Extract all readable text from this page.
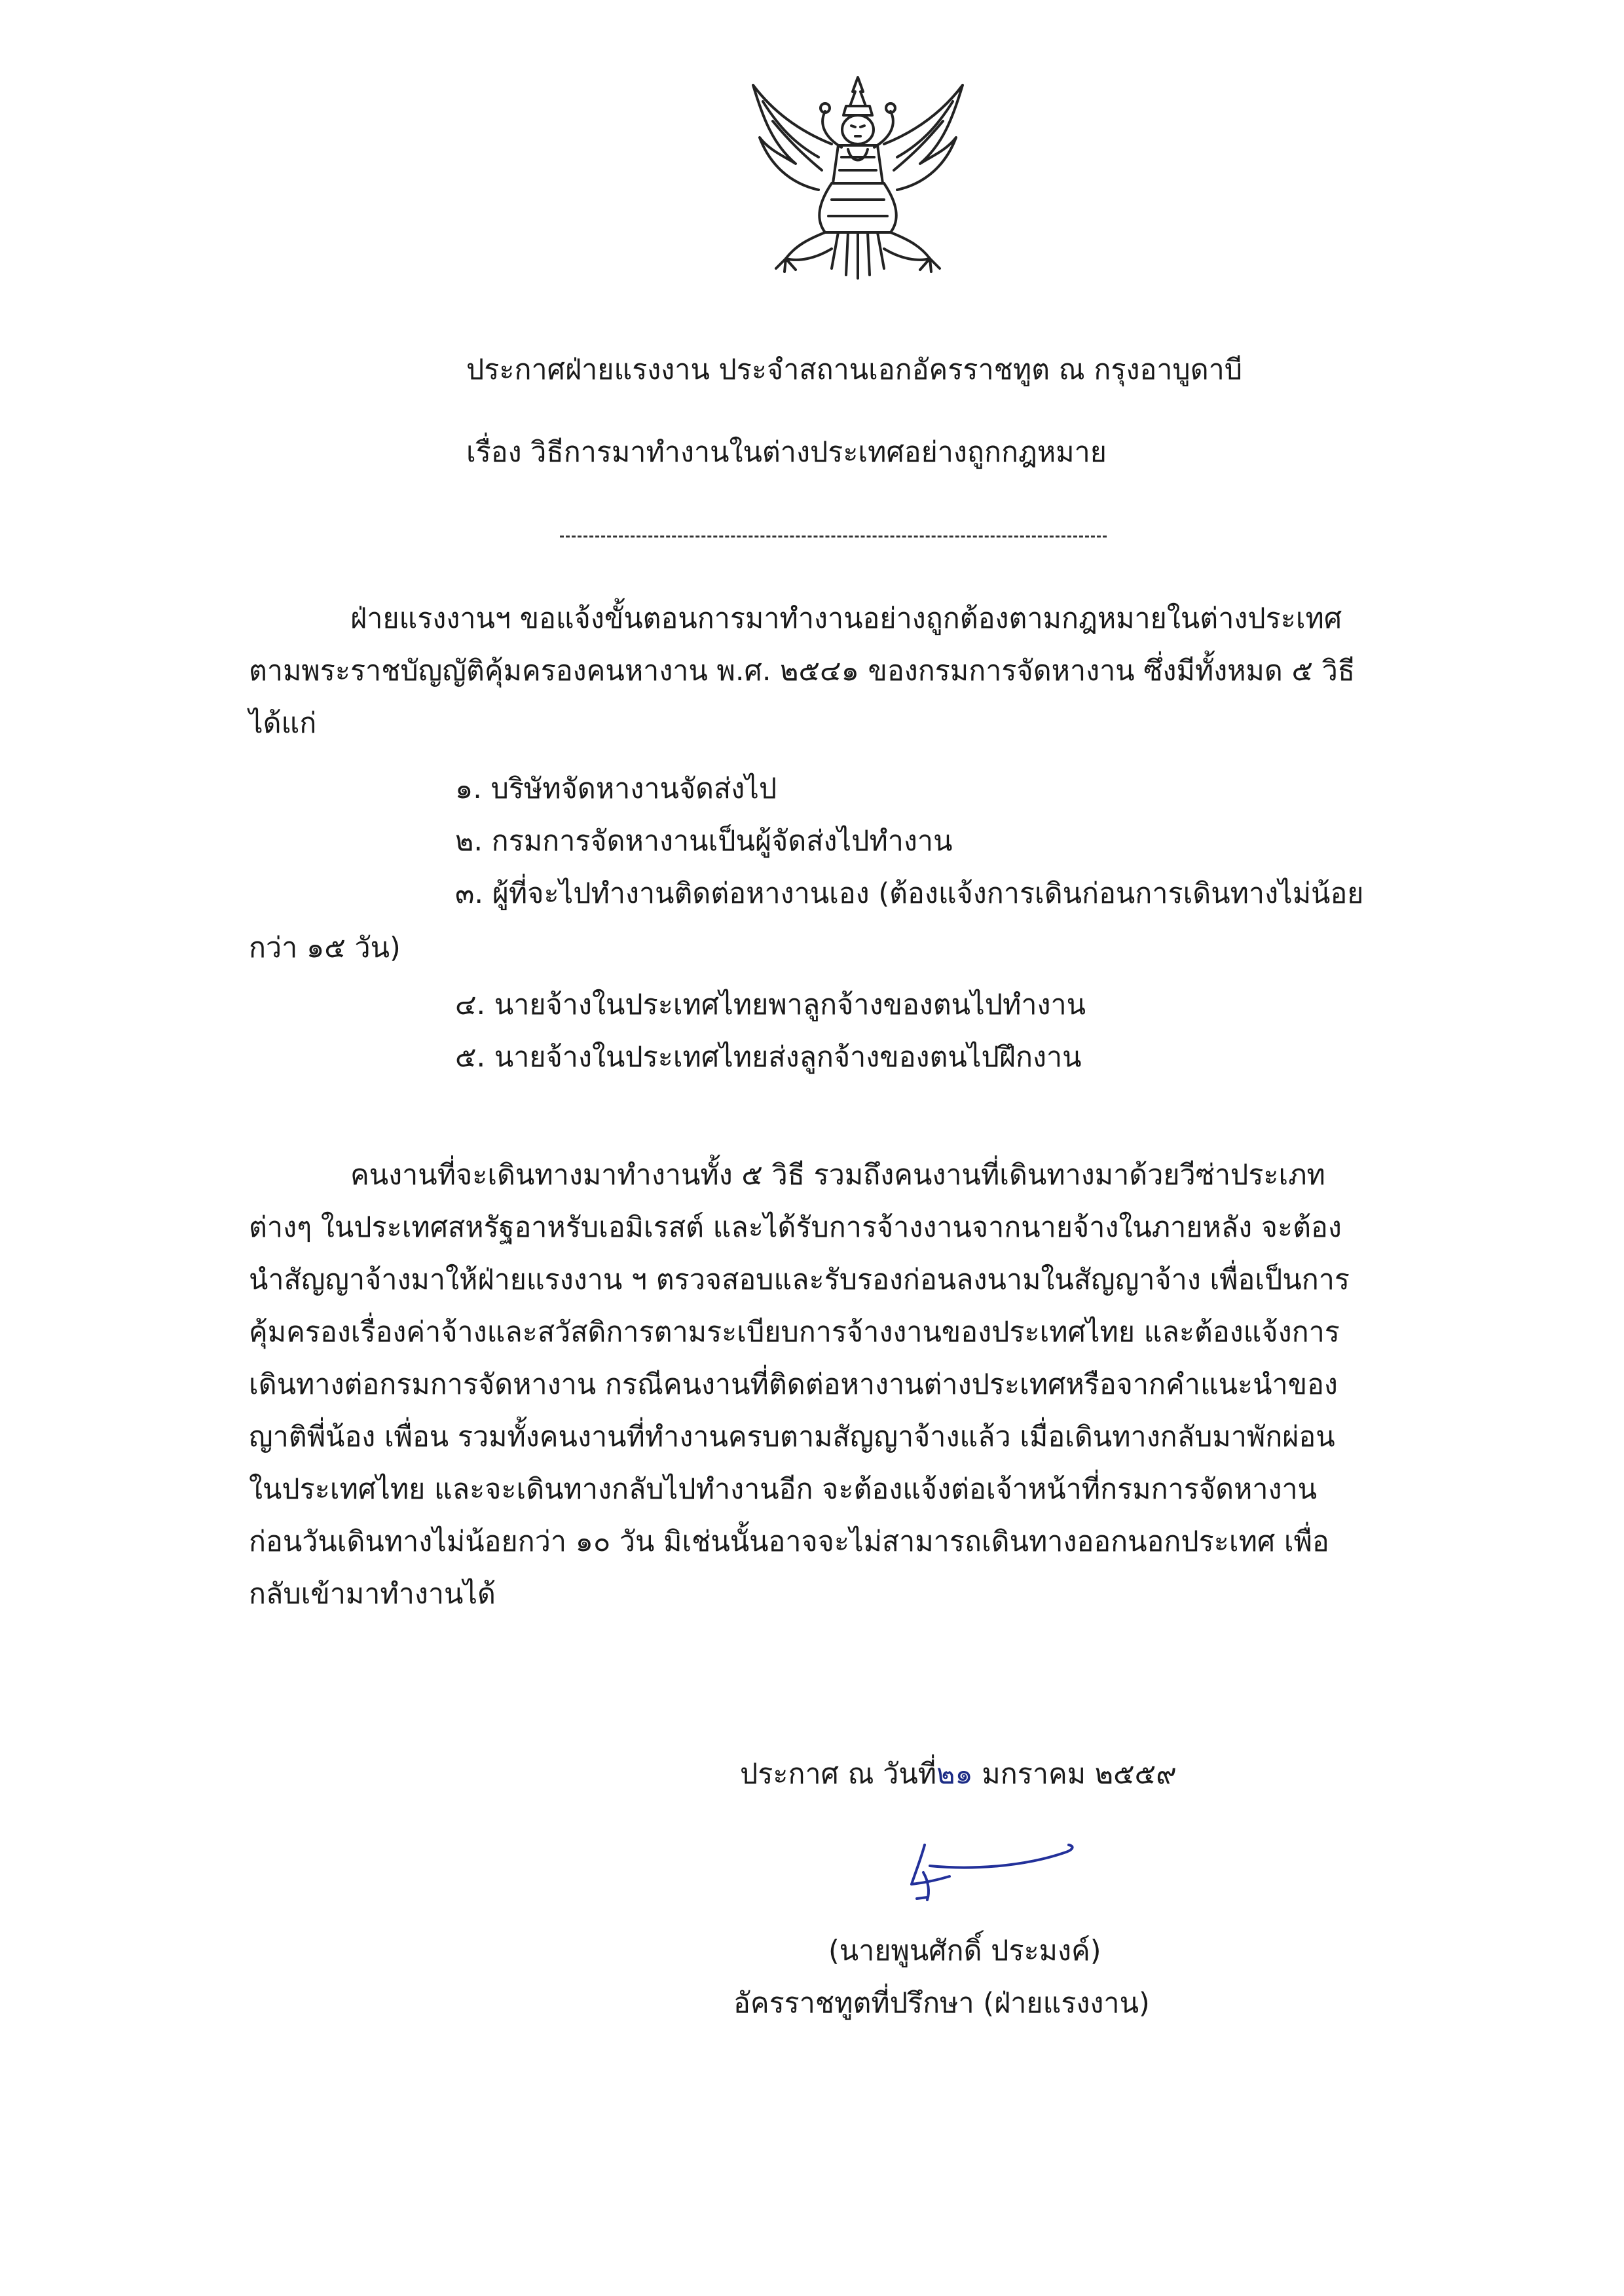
ประกาศฝ่ายแรงงาน ประจำสถานเอกอัครราชทูต ณ กรุงอาบูดาบี
เรื่อง วิธีการมาทำงานในต่างประเทศอย่างถูกกฎหมาย
ฝ่ายแรงงานฯ ขอแจ้งขั้นตอนการมาทำงานอย่างถูกต้องตามกฎหมายในต่างประเทศ
ตามพระราชบัญญัติคุ้มครองคนหางาน พ.ศ. ๒๕๔๑ ของกรมการจัดหางาน ซึ่งมีทั้งหมด ๕ วิธี
ได้แก่
๑. บริษัทจัดหางานจัดส่งไป
๒. กรมการจัดหางานเป็นผู้จัดส่งไปทำงาน
๓. ผู้ที่จะไปทำงานติดต่อหางานเอง (ต้องแจ้งการเดินก่อนการเดินทางไม่น้อย
กว่า ๑๕ วัน)
๔. นายจ้างในประเทศไทยพาลูกจ้างของตนไปทำงาน
๕. นายจ้างในประเทศไทยส่งลูกจ้างของตนไปฝึกงาน
คนงานที่จะเดินทางมาทำงานทั้ง ๕ วิธี รวมถึงคนงานที่เดินทางมาด้วยวีซ่าประเภท
ต่างๆ ในประเทศสหรัฐอาหรับเอมิเรสต์ และได้รับการจ้างงานจากนายจ้างในภายหลัง จะต้อง
นำสัญญาจ้างมาให้ฝ่ายแรงงาน ฯ ตรวจสอบและรับรองก่อนลงนามในสัญญาจ้าง เพื่อเป็นการ
คุ้มครองเรื่องค่าจ้างและสวัสดิการตามระเบียบการจ้างงานของประเทศไทย และต้องแจ้งการ
เดินทางต่อกรมการจัดหางาน กรณีคนงานที่ติดต่อหางานต่างประเทศหรือจากคำแนะนำของ
ญาติพี่น้อง เพื่อน รวมทั้งคนงานที่ทำงานครบตามสัญญาจ้างแล้ว เมื่อเดินทางกลับมาพักผ่อน
ในประเทศไทย และจะเดินทางกลับไปทำงานอีก จะต้องแจ้งต่อเจ้าหน้าที่กรมการจัดหางาน
ก่อนวันเดินทางไม่น้อยกว่า ๑๐ วัน มิเช่นนั้นอาจจะไม่สามารถเดินทางออกนอกประเทศ เพื่อ
กลับเข้ามาทำงานได้
ประกาศ ณ วันที่๒๑ มกราคม ๒๕๕๙
(นายพูนศักดิ์ ประมงค์)
อัครราชทูตที่ปรึกษา (ฝ่ายแรงงาน)
